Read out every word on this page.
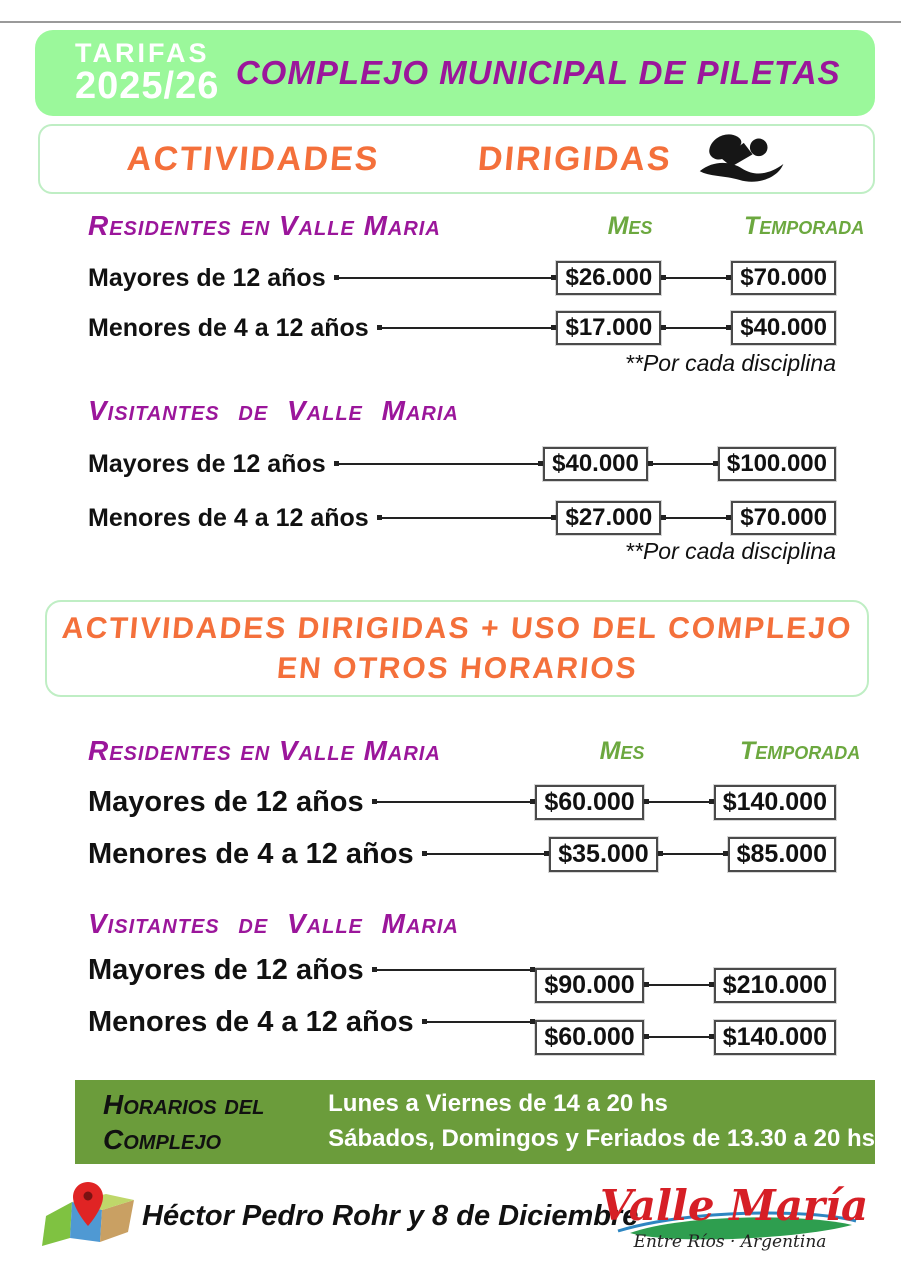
TARIFAS
2025/26 COMPLEJO MUNICIPAL DE PILETAS
ACTIVIDADES	DIRIGIDAS
Residentes en Valle Maria	Mes	Temporada
Mayores de 12 años	$26.000	$70.000
Menores de 4 a 12 años	$17.000	$40.000
**Por cada disciplina
Visitantes de Valle Maria
Mayores de 12 años	$40.000	$100.000
Menores de 4 a 12 años	$27.000	$70.000
**Por cada disciplina
ACTIVIDADES DIRIGIDAS + USO DEL COMPLEJO
EN OTROS HORARIOS
Residentes en Valle Maria	Mes	Temporada
Mayores de 12 años	$60.000	$140.000
Menores de 4 a 12 años	$35.000	$85.000
Visitantes de Valle Maria
Mayores de 12 años	$90.000	$210.000
Menores de 4 a 12 años	$60.000	$140.000
Horarios del
Complejo
Lunes a Viernes de 14 a 20 hs
Sábados, Domingos y Feriados de 13.30 a 20 hs
Héctor Pedro Rohr y 8 de Diciembre
Valle María
Entre Ríos · Argentina
